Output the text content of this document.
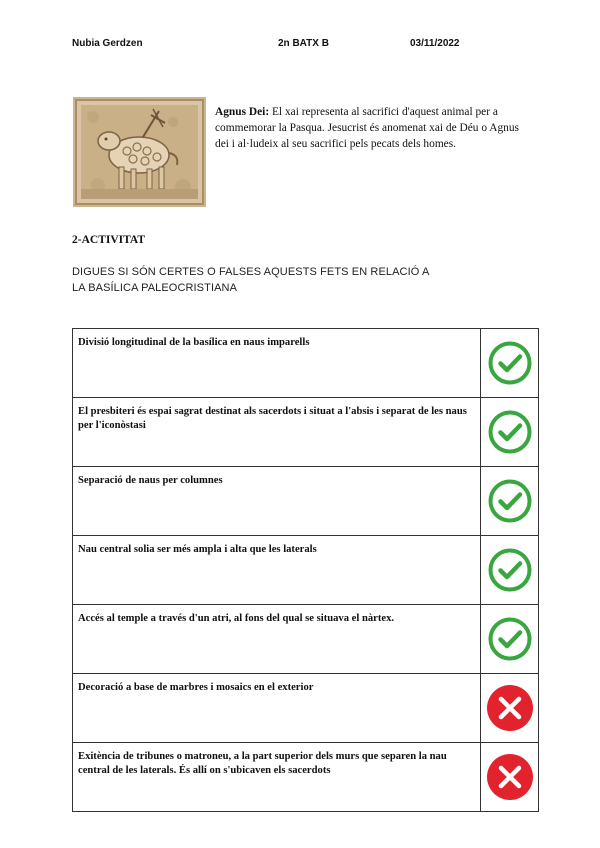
Nubia Gerdzen	2n BATX B	03/11/2022
Agnus Dei: El xai representa al sacrifici d'aquest animal per a commemorar la Pasqua. Jesucrist és anomenat xai de Déu o Agnus dei i al·ludeix al seu sacrifici pels pecats dels homes.
2-ACTIVITAT
DIGUES SI SÓN CERTES O FALSES AQUESTS FETS EN RELACIÓ A
LA BASÍLICA PALEOCRISTIANA
Divisió longitudinal de la basílica en naus imparells	

El presbiteri és espai sagrat destinat als sacerdots i situat a l'absis i separat de les naus per l'iconòstasi	

Separació de naus per columnes	

Nau central solia ser més ampla i alta que les laterals	

Accés al temple a través d'un atri, al fons del qual se situava el nàrtex.	

Decoració a base de marbres i mosaics en el exterior	

Exitència de tribunes o matroneu, a la part superior dels murs que separen la nau central de les laterals. És allí on s'ubicaven els sacerdots	
